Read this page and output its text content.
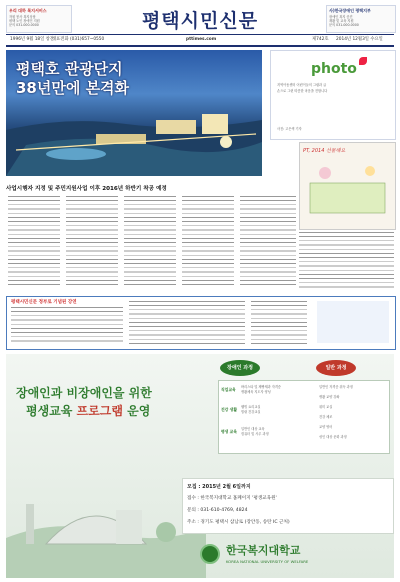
우리 대하 복지서비스
자원 봉사 복지상담
평택 노인 장애인 지원
문의 031-000-0000
사)한국장애인 평택지부
장애인 복지 증진
재활 및 교육 지원
문의 031-000-0000
평택시민신문
1996년 9월 18일 창간
대표전화 (031)657~0550	pttimes.com	제742호 2014년 12월3일 수요일
평택호 관광단지
38년만에 본격화
사업시행자 지정 및 주민지원사업 이후 2016년 하반기 착공 예정
photo
지역아동센터 어린이들의 그림과 글
손으로 그린 따뜻한 마음을 전합니다
사진: 고은색 기자
PT, 2014 선물해요
평택시민신문 정부로 기념된 강연
장애인 과정	일반 과정
장애인과 비장애인을 위한
평생교육 프로그램 운영
직업교육 바리스타 및 제빵제과 자격증
생활체육 지도자 양성
건강 생활 웰빙 요리교실
힐링 건강교실
평생 교육 일반인 대상 교육
컴퓨터 및 사무 과정
일반인 자격증 취득 과정
생활 교양 강좌
취미 교실
건강 체조
교양 영어
성인 대상 문화 과정
모집 : 2015년 2월 6일까지
접수 : 한국복지대학교 홈페이지 '평생교육원'
문의 : 031-610-4769, 4824
주소 : 경기도 평택시 삼남로 (장안동, 송탄 IC 근처)
한국복지대학교
KOREA NATIONAL UNIVERSITY OF WELFARE
